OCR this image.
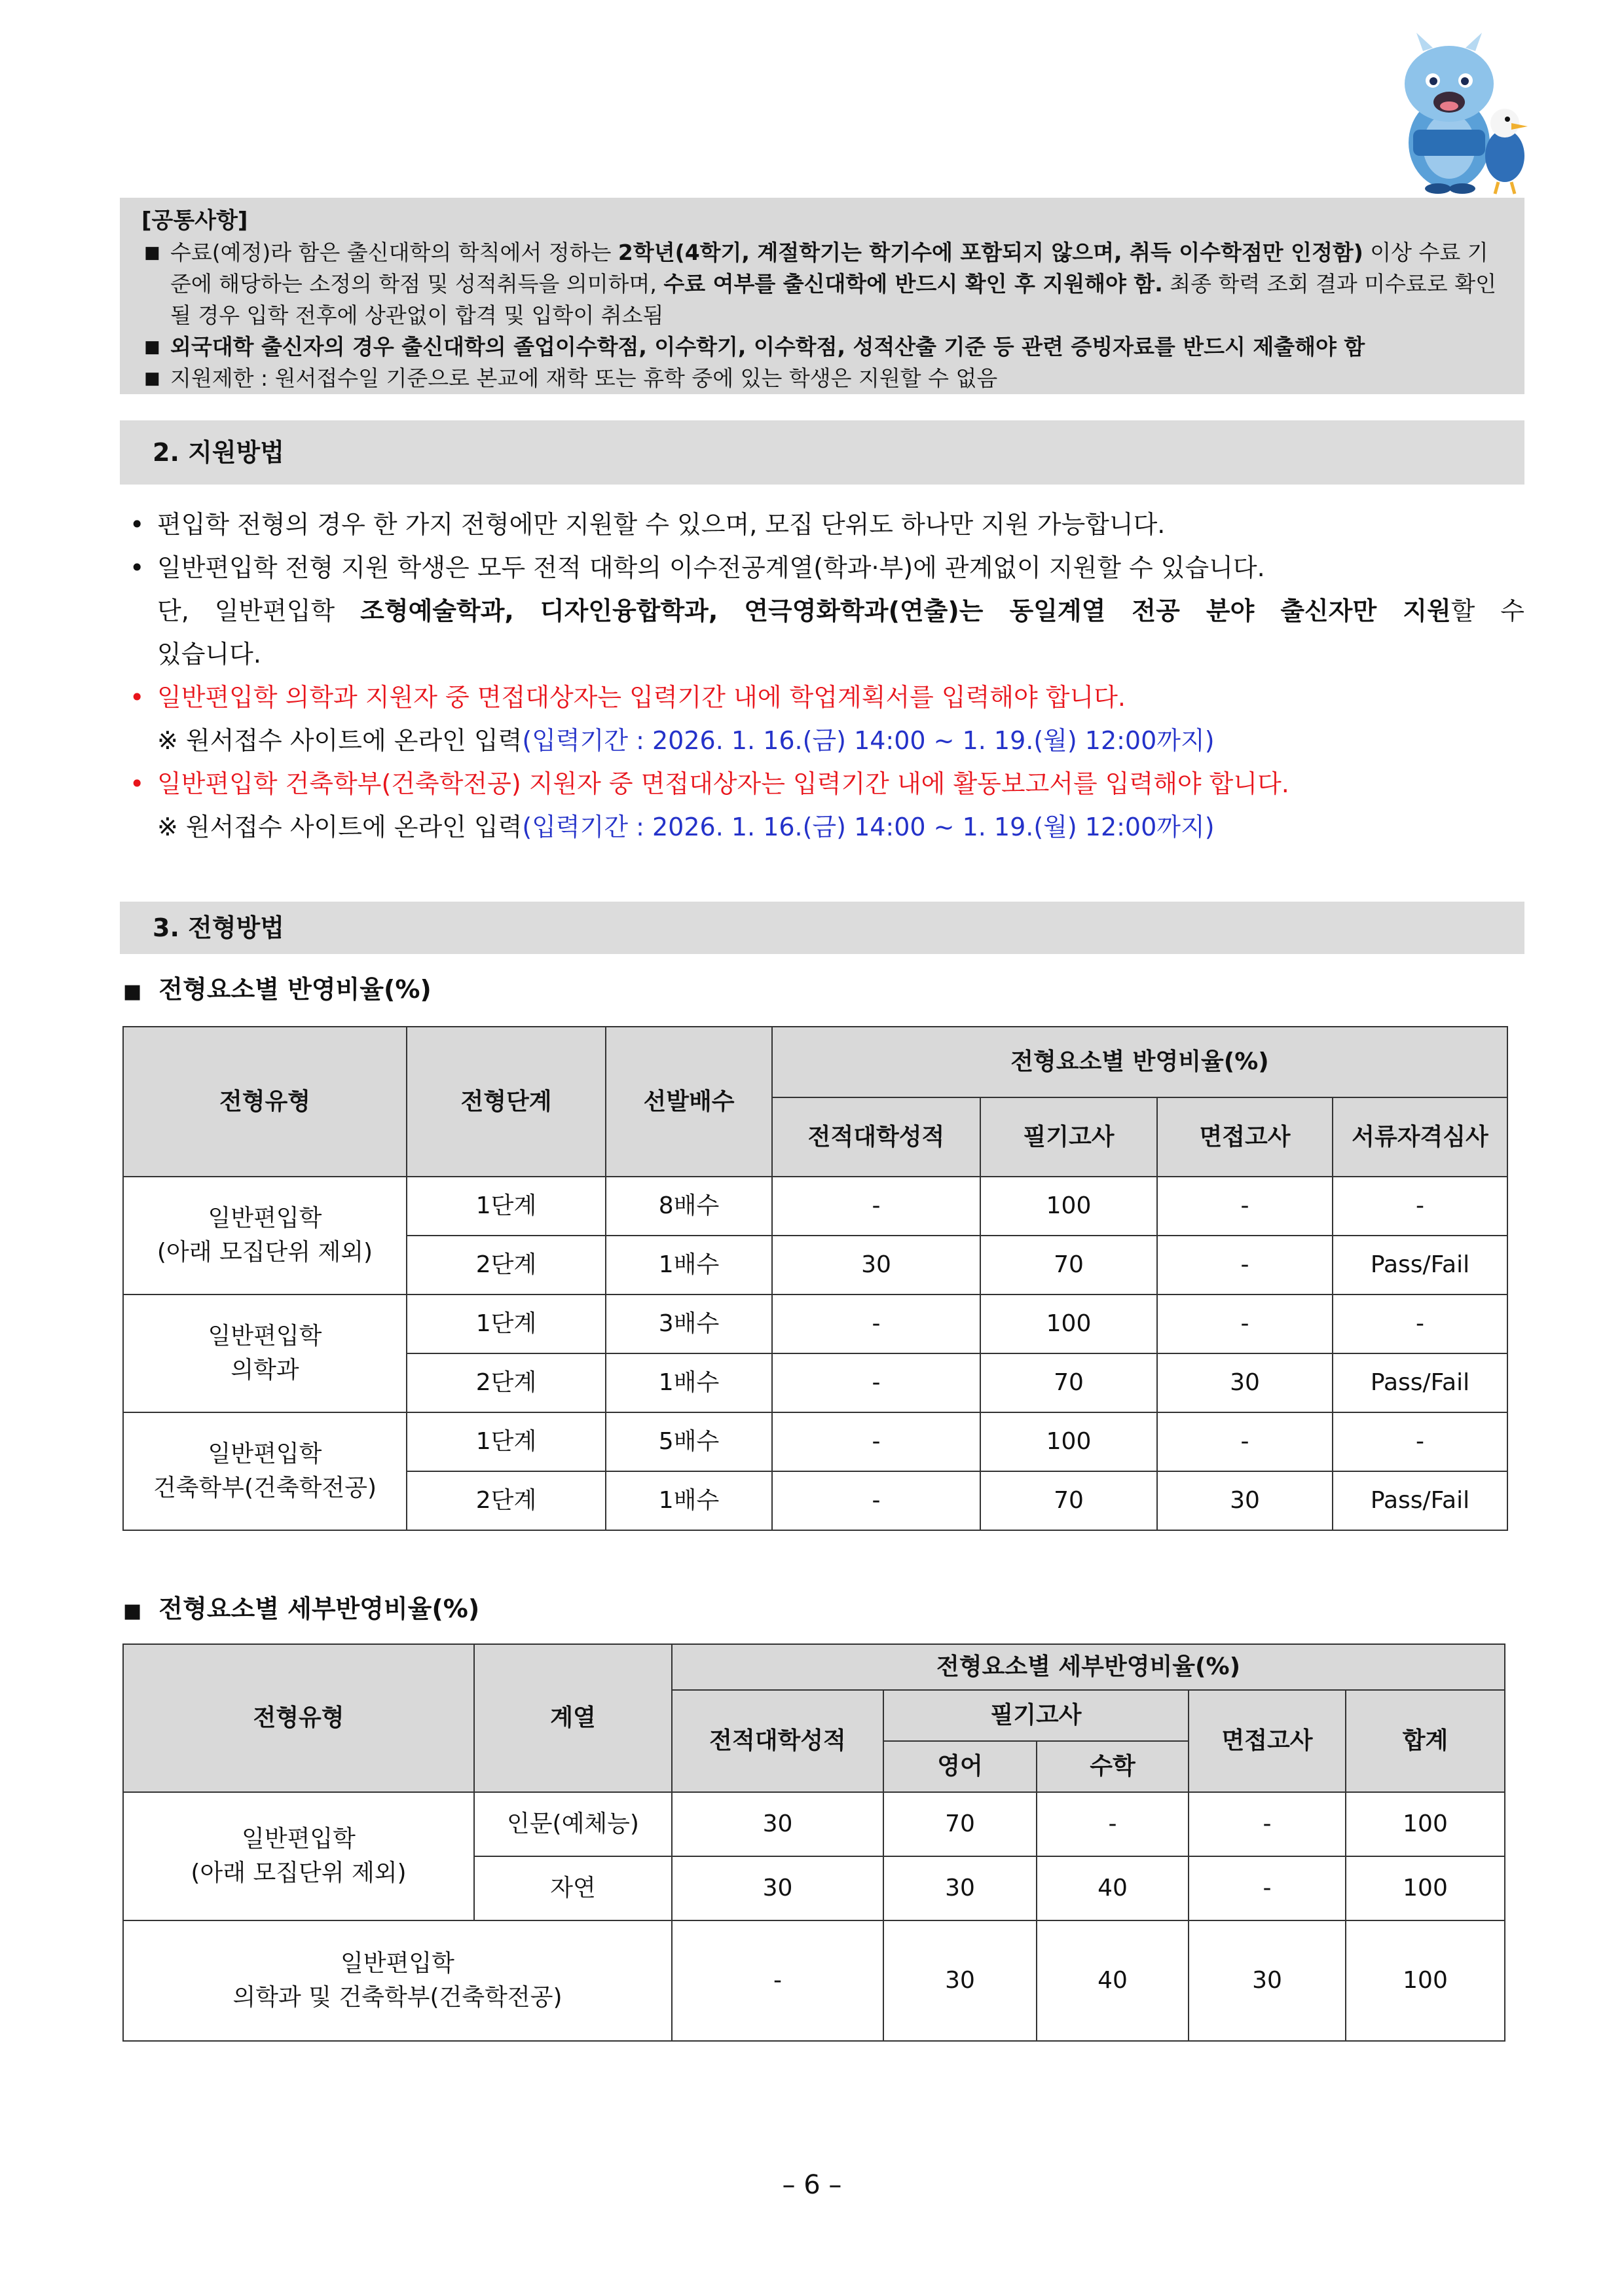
[공통사항]
■ 수료(예정)라 함은 출신대학의 학칙에서 정하는 2학년(4학기, 계절학기는 학기수에 포함되지 않으며, 취득 이수학점만 인정함) 이상 수료 기준에 해당하는 소정의 학점 및 성적취득을 의미하며, 수료 여부를 출신대학에 반드시 확인 후 지원해야 함. 최종 학력 조회 결과 미수료로 확인될 경우 입학 전후에 상관없이 합격 및 입학이 취소됨
■ 외국대학 출신자의 경우 출신대학의 졸업이수학점, 이수학기, 이수학점, 성적산출 기준 등 관련 증빙자료를 반드시 제출해야 함
■ 지원제한 : 원서접수일 기준으로 본교에 재학 또는 휴학 중에 있는 학생은 지원할 수 없음
2. 지원방법
• 편입학 전형의 경우 한 가지 전형에만 지원할 수 있으며, 모집 단위도 하나만 지원 가능합니다.
• 일반편입학 전형 지원 학생은 모두 전적 대학의 이수전공계열(학과·부)에 관계없이 지원할 수 있습니다.
단, 일반편입학 조형예술학과, 디자인융합학과, 연극영화학과(연출)는 동일계열 전공 분야 출신자만 지원할 수
있습니다.
• 일반편입학 의학과 지원자 중 면접대상자는 입력기간 내에 학업계획서를 입력해야 합니다.
※ 원서접수 사이트에 온라인 입력(입력기간 : 2026. 1. 16.(금) 14:00 ~ 1. 19.(월) 12:00까지)
• 일반편입학 건축학부(건축학전공) 지원자 중 면접대상자는 입력기간 내에 활동보고서를 입력해야 합니다.
※ 원서접수 사이트에 온라인 입력(입력기간 : 2026. 1. 16.(금) 14:00 ~ 1. 19.(월) 12:00까지)
3. 전형방법
■ 전형요소별 반영비율(%)
전형유형	전형단계	선발배수	전형요소별 반영비율(%)			
			전적대학성적	필기고사	면접고사	서류자격심사
일반편입학
(아래 모집단위 제외)	1단계	8배수	-	100	-	-
	2단계	1배수	30	70	-	Pass/Fail
일반편입학
의학과	1단계	3배수	-	100	-	-
	2단계	1배수	-	70	30	Pass/Fail
일반편입학
건축학부(건축학전공)	1단계	5배수	-	100	-	-
	2단계	1배수	-	70	30	Pass/Fail
■ 전형요소별 세부반영비율(%)
전형유형	계열	전형요소별 세부반영비율(%)				
		전적대학성적	필기고사		면접고사	합계
			영어	수학		
일반편입학
(아래 모집단위 제외)	인문(예체능)	30	70	-	-	100
	자연	30	30	40	-	100
일반편입학
의학과 및 건축학부(건축학전공)		-	30	40	30	100
– 6 –
